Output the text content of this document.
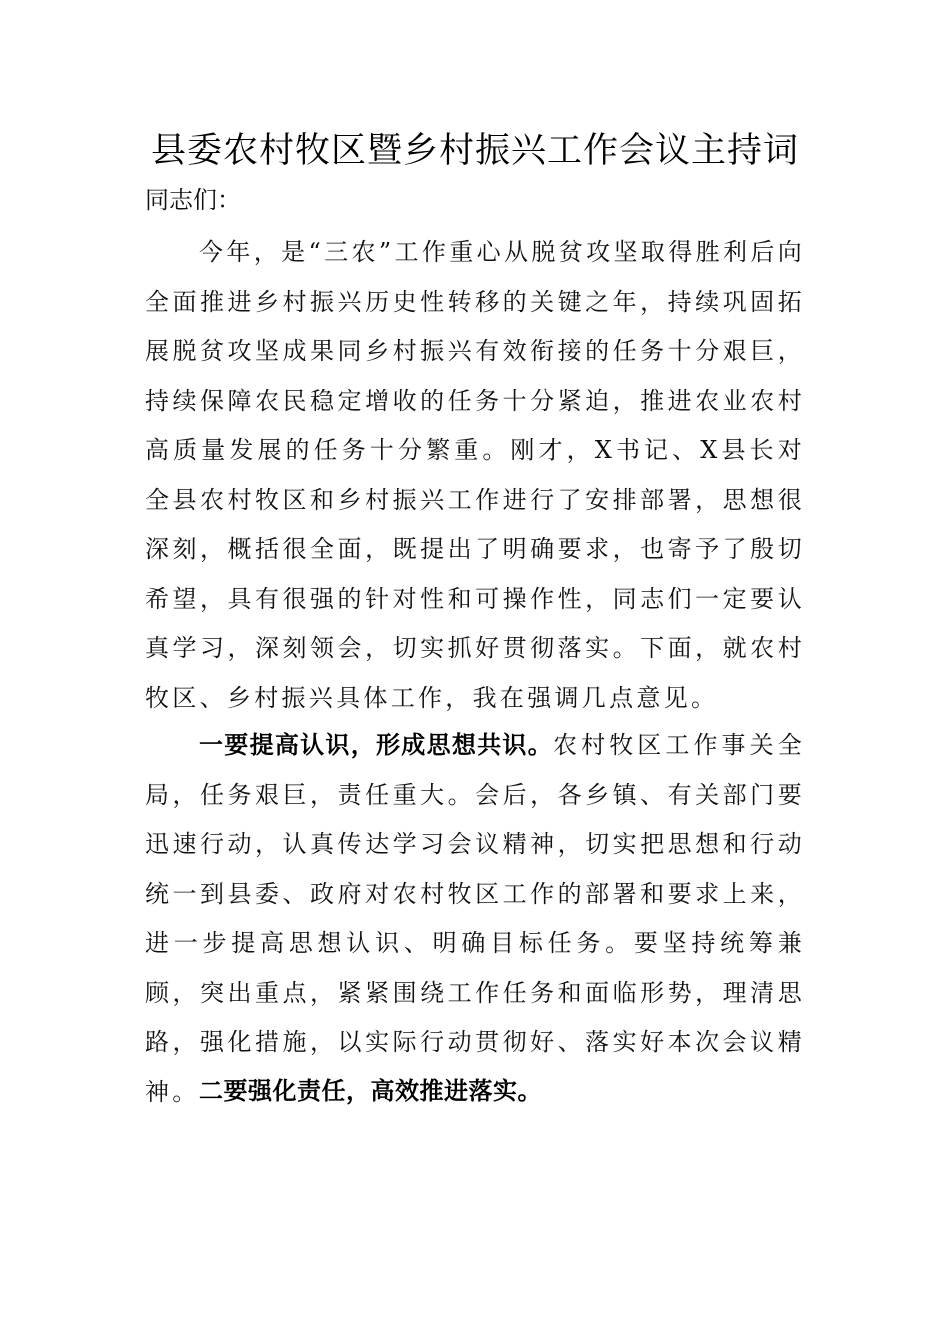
县委农村牧区暨乡村振兴工作会议主持词
同志们：

今年，是“三农”工作重心从脱贫攻坚取得胜利后向全面推进乡村振兴历史性转移的关键之年，持续巩固拓展脱贫攻坚成果同乡村振兴有效衔接的任务十分艰巨，持续保障农民稳定增收的任务十分紧迫，推进农业农村高质量发展的任务十分繁重。刚才，X书记、X县长对全县农村牧区和乡村振兴工作进行了安排部署，思想很深刻，概括很全面，既提出了明确要求，也寄予了殷切希望，具有很强的针对性和可操作性，同志们一定要认真学习，深刻领会，切实抓好贯彻落实。下面，就农村牧区、乡村振兴具体工作，我在强调几点意见。

一要提高认识，形成思想共识。农村牧区工作事关全局，任务艰巨，责任重大。会后，各乡镇、有关部门要迅速行动，认真传达学习会议精神，切实把思想和行动统一到县委、政府对农村牧区工作的部署和要求上来，进一步提高思想认识、明确目标任务。要坚持统筹兼顾，突出重点，紧紧围绕工作任务和面临形势，理清思路，强化措施，以实际行动贯彻好、落实好本次会议精神。 二要强化责任，高效推进落实。
